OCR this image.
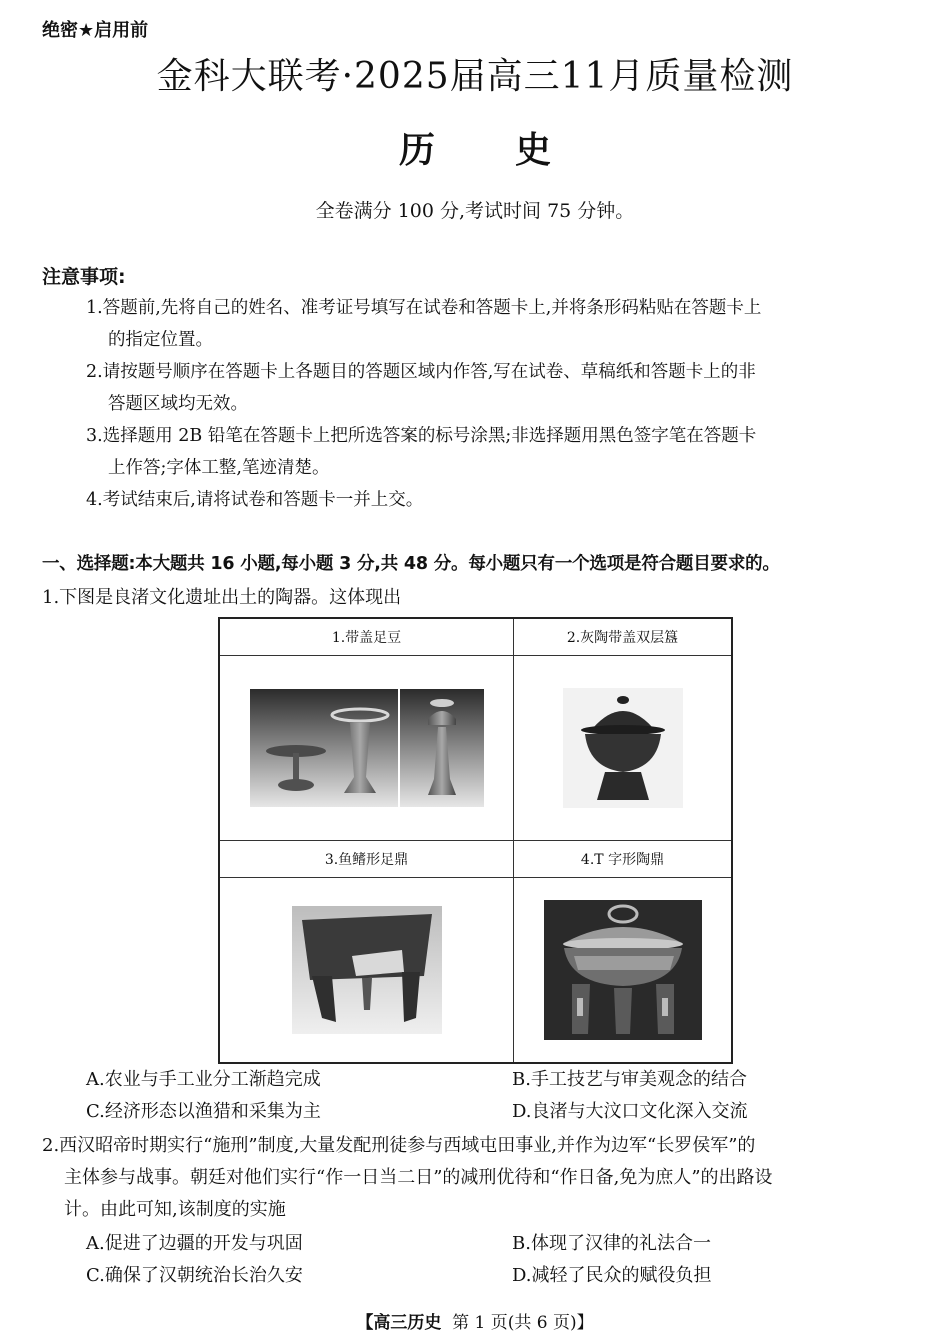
绝密★启用前
金科大联考·2025届高三11月质量检测
历 史
全卷满分 100 分,考试时间 75 分钟。
注意事项:
1.答题前,先将自己的姓名、准考证号填写在试卷和答题卡上,并将条形码粘贴在答题卡上
的指定位置。
2.请按题号顺序在答题卡上各题目的答题区域内作答,写在试卷、草稿纸和答题卡上的非
答题区域均无效。
3.选择题用 2B 铅笔在答题卡上把所选答案的标号涂黑;非选择题用黑色签字笔在答题卡
上作答;字体工整,笔迹清楚。
4.考试结束后,请将试卷和答题卡一并上交。
一、选择题:本大题共 16 小题,每小题 3 分,共 48 分。每小题只有一个选项是符合题目要求的。
1.下图是良渚文化遗址出土的陶器。这体现出
1.带盖足豆	2.灰陶带盖双层簋

3.鱼鳍形足鼎	4.T 字形陶鼎

A.农业与手工业分工渐趋完成	B.手工技艺与审美观念的结合
C.经济形态以渔猎和采集为主	D.良渚与大汶口文化深入交流
2.西汉昭帝时期实行“施刑”制度,大量发配刑徒参与西域屯田事业,并作为边军“长罗侯军”的
主体参与战事。朝廷对他们实行“作一日当二日”的减刑优待和“作日备,免为庶人”的出路设
计。由此可知,该制度的实施
A.促进了边疆的开发与巩固	B.体现了汉律的礼法合一
C.确保了汉朝统治长治久安	D.减轻了民众的赋役负担
【高三历史 第 1 页(共 6 页)】
